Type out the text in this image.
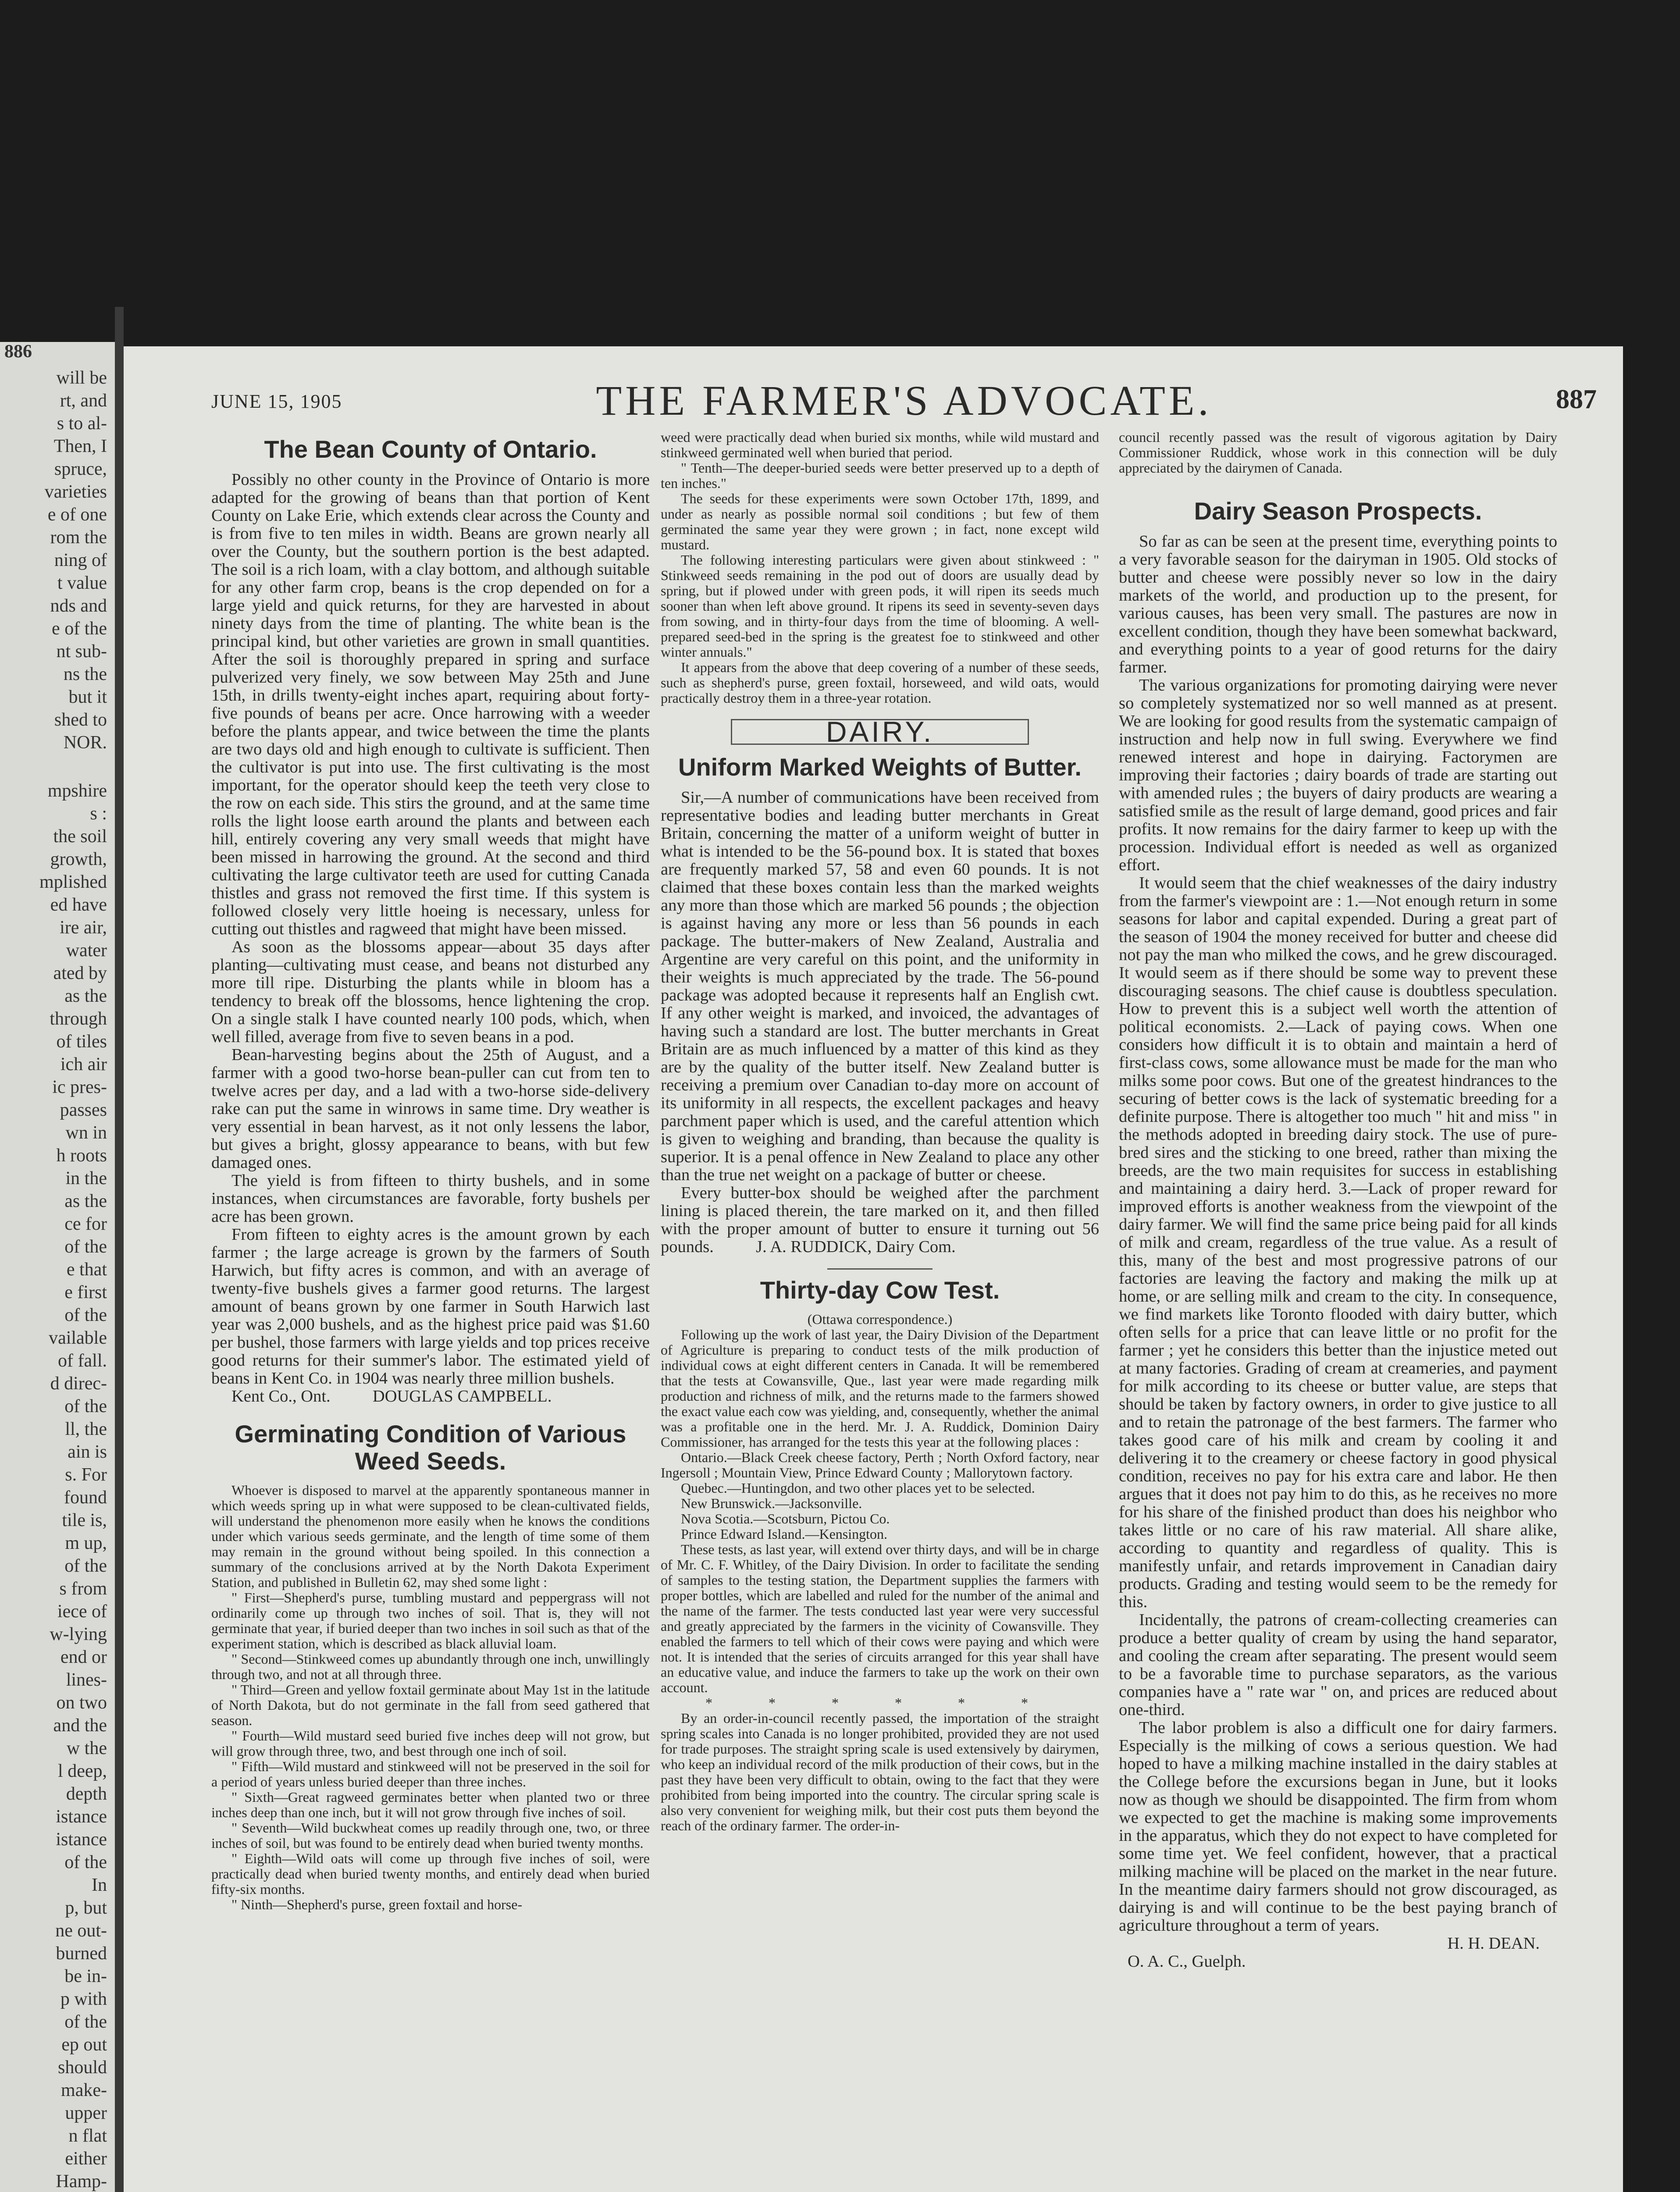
886
will be
rt, and
s to al-
Then, I
spruce,
varieties
e of one
rom the
ning of
t value
nds and
e of the
nt sub-
ns the
but it
shed to
NOR.
mpshire
s :
the soil
growth,
mplished
ed have
ire air,
water
ated by
as the
through
of tiles
ich air
ic pres-
passes
wn in
h roots
in the
as the
ce for
of the
e that
e first
of the
vailable
of fall.
d direc-
of the
ll, the
ain is
s. For
found
tile is,
m up,
of the
s from
iece of
w-lying
end or
lines-
on two
and the
w the
l deep,
depth
istance
istance
of the
In
p, but
ne out-
burned
be in-
p with
of the
ep out
should
make-
upper
n flat
either
Hamp-
JUNE 15, 1905	THE FARMER'S ADVOCATE.	887
The Bean County of Ontario.

Possibly no other county in the Province of Ontario is more adapted for the growing of beans than that portion of Kent County on Lake Erie, which extends clear across the County and is from five to ten miles in width. Beans are grown nearly all over the County, but the southern portion is the best adapted. The soil is a rich loam, with a clay bottom, and although suitable for any other farm crop, beans is the crop depended on for a large yield and quick returns, for they are harvested in about ninety days from the time of planting. The white bean is the principal kind, but other varieties are grown in small quantities. After the soil is thoroughly prepared in spring and surface pulverized very finely, we sow between May 25th and June 15th, in drills twenty-eight inches apart, requiring about forty-five pounds of beans per acre. Once harrowing with a weeder before the plants appear, and twice between the time the plants are two days old and high enough to cultivate is sufficient. Then the cultivator is put into use. The first cultivating is the most important, for the operator should keep the teeth very close to the row on each side. This stirs the ground, and at the same time rolls the light loose earth around the plants and between each hill, entirely covering any very small weeds that might have been missed in harrowing the ground. At the second and third cultivating the large cultivator teeth are used for cutting Canada thistles and grass not removed the first time. If this system is followed closely very little hoeing is necessary, unless for cutting out thistles and ragweed that might have been missed.

As soon as the blossoms appear—about 35 days after planting—cultivating must cease, and beans not disturbed any more till ripe. Disturbing the plants while in bloom has a tendency to break off the blossoms, hence lightening the crop. On a single stalk I have counted nearly 100 pods, which, when well filled, average from five to seven beans in a pod.

Bean-harvesting begins about the 25th of August, and a farmer with a good two-horse bean-puller can cut from ten to twelve acres per day, and a lad with a two-horse side-delivery rake can put the same in winrows in same time. Dry weather is very essential in bean harvest, as it not only lessens the labor, but gives a bright, glossy appearance to beans, with but few damaged ones.

The yield is from fifteen to thirty bushels, and in some instances, when circumstances are favorable, forty bushels per acre has been grown.

From fifteen to eighty acres is the amount grown by each farmer ; the large acreage is grown by the farmers of South Harwich, but fifty acres is common, and with an average of twenty-five bushels gives a farmer good returns. The largest amount of beans grown by one farmer in South Harwich last year was 2,000 bushels, and as the highest price paid was $1.60 per bushel, those farmers with large yields and top prices receive good returns for their summer's labor. The estimated yield of beans in Kent Co. in 1904 was nearly three million bushels.

Kent Co., Ont.          DOUGLAS CAMPBELL.

Germinating Condition of Various Weed Seeds.

Whoever is disposed to marvel at the apparently spontaneous manner in which weeds spring up in what were supposed to be clean-cultivated fields, will understand the phenomenon more easily when he knows the conditions under which various seeds germinate, and the length of time some of them may remain in the ground without being spoiled. In this connection a summary of the conclusions arrived at by the North Dakota Experiment Station, and published in Bulletin 62, may shed some light :

" First—Shepherd's purse, tumbling mustard and peppergrass will not ordinarily come up through two inches of soil. That is, they will not germinate that year, if buried deeper than two inches in soil such as that of the experiment station, which is described as black alluvial loam.

" Second—Stinkweed comes up abundantly through one inch, unwillingly through two, and not at all through three.

" Third—Green and yellow foxtail germinate about May 1st in the latitude of North Dakota, but do not germinate in the fall from seed gathered that season.

" Fourth—Wild mustard seed buried five inches deep will not grow, but will grow through three, two, and best through one inch of soil.

" Fifth—Wild mustard and stinkweed will not be preserved in the soil for a period of years unless buried deeper than three inches.

" Sixth—Great ragweed germinates better when planted two or three inches deep than one inch, but it will not grow through five inches of soil.

" Seventh—Wild buckwheat comes up readily through one, two, or three inches of soil, but was found to be entirely dead when buried twenty months.

" Eighth—Wild oats will come up through five inches of soil, were practically dead when buried twenty months, and entirely dead when buried fifty-six months.

" Ninth—Shepherd's purse, green foxtail and horse-

weed were practically dead when buried six months, while wild mustard and stinkweed germinated well when buried that period.

" Tenth—The deeper-buried seeds were better preserved up to a depth of ten inches."

The seeds for these experiments were sown October 17th, 1899, and under as nearly as possible normal soil conditions ; but few of them germinated the same year they were grown ; in fact, none except wild mustard.

The following interesting particulars were given about stinkweed : " Stinkweed seeds remaining in the pod out of doors are usually dead by spring, but if plowed under with green pods, it will ripen its seeds much sooner than when left above ground. It ripens its seed in seventy-seven days from sowing, and in thirty-four days from the time of blooming. A well-prepared seed-bed in the spring is the greatest foe to stinkweed and other winter annuals."

It appears from the above that deep covering of a number of these seeds, such as shepherd's purse, green foxtail, horseweed, and wild oats, would practically destroy them in a three-year rotation.

DAIRY.
Uniform Marked Weights of Butter.

Sir,—A number of communications have been received from representative bodies and leading butter merchants in Great Britain, concerning the matter of a uniform weight of butter in what is intended to be the 56-pound box. It is stated that boxes are frequently marked 57, 58 and even 60 pounds. It is not claimed that these boxes contain less than the marked weights any more than those which are marked 56 pounds ; the objection is against having any more or less than 56 pounds in each package. The butter-makers of New Zealand, Australia and Argentine are very careful on this point, and the uniformity in their weights is much appreciated by the trade. The 56-pound package was adopted because it represents half an English cwt. If any other weight is marked, and invoiced, the advantages of having such a standard are lost. The butter merchants in Great Britain are as much influenced by a matter of this kind as they are by the quality of the butter itself. New Zealand butter is receiving a premium over Canadian to-day more on account of its uniformity in all respects, the excellent packages and heavy parchment paper which is used, and the careful attention which is given to weighing and branding, than because the quality is superior. It is a penal offence in New Zealand to place any other than the true net weight on a package of butter or cheese.

Every butter-box should be weighed after the parchment lining is placed therein, the tare marked on it, and then filled with the proper amount of butter to ensure it turning out 56 pounds.          J. A. RUDDICK, Dairy Com.

Thirty-day Cow Test.

(Ottawa correspondence.)

Following up the work of last year, the Dairy Division of the Department of Agriculture is preparing to conduct tests of the milk production of individual cows at eight different centers in Canada. It will be remembered that the tests at Cowansville, Que., last year were made regarding milk production and richness of milk, and the returns made to the farmers showed the exact value each cow was yielding, and, consequently, whether the animal was a profitable one in the herd. Mr. J. A. Ruddick, Dominion Dairy Commissioner, has arranged for the tests this year at the following places :

Ontario.—Black Creek cheese factory, Perth ; North Oxford factory, near Ingersoll ; Mountain View, Prince Edward County ; Mallorytown factory.

Quebec.—Huntingdon, and two other places yet to be selected.

New Brunswick.—Jacksonville.

Nova Scotia.—Scotsburn, Pictou Co.

Prince Edward Island.—Kensington.

These tests, as last year, will extend over thirty days, and will be in charge of Mr. C. F. Whitley, of the Dairy Division. In order to facilitate the sending of samples to the testing station, the Department supplies the farmers with proper bottles, which are labelled and ruled for the number of the animal and the name of the farmer. The tests conducted last year were very successful and greatly appreciated by the farmers in the vicinity of Cowansville. They enabled the farmers to tell which of their cows were paying and which were not. It is intended that the series of circuits arranged for this year shall have an educative value, and induce the farmers to take up the work on their own account.

* * * * * *

By an order-in-council recently passed, the importation of the straight spring scales into Canada is no longer prohibited, provided they are not used for trade purposes. The straight spring scale is used extensively by dairymen, who keep an individual record of the milk production of their cows, but in the past they have been very difficult to obtain, owing to the fact that they were prohibited from being imported into the country. The circular spring scale is also very convenient for weighing milk, but their cost puts them beyond the reach of the ordinary farmer. The order-in-

council recently passed was the result of vigorous agitation by Dairy Commissioner Ruddick, whose work in this connection will be duly appreciated by the dairymen of Canada.

Dairy Season Prospects.

So far as can be seen at the present time, everything points to a very favorable season for the dairyman in 1905. Old stocks of butter and cheese were possibly never so low in the dairy markets of the world, and production up to the present, for various causes, has been very small. The pastures are now in excellent condition, though they have been somewhat backward, and everything points to a year of good returns for the dairy farmer.

The various organizations for promoting dairying were never so completely systematized nor so well manned as at present. We are looking for good results from the systematic campaign of instruction and help now in full swing. Everywhere we find renewed interest and hope in dairying. Factorymen are improving their factories ; dairy boards of trade are starting out with amended rules ; the buyers of dairy products are wearing a satisfied smile as the result of large demand, good prices and fair profits. It now remains for the dairy farmer to keep up with the procession. Individual effort is needed as well as organized effort.

It would seem that the chief weaknesses of the dairy industry from the farmer's viewpoint are : 1.—Not enough return in some seasons for labor and capital expended. During a great part of the season of 1904 the money received for butter and cheese did not pay the man who milked the cows, and he grew discouraged. It would seem as if there should be some way to prevent these discouraging seasons. The chief cause is doubtless speculation. How to prevent this is a subject well worth the attention of political economists. 2.—Lack of paying cows. When one considers how difficult it is to obtain and maintain a herd of first-class cows, some allowance must be made for the man who milks some poor cows. But one of the greatest hindrances to the securing of better cows is the lack of systematic breeding for a definite purpose. There is altogether too much " hit and miss " in the methods adopted in breeding dairy stock. The use of pure-bred sires and the sticking to one breed, rather than mixing the breeds, are the two main requisites for success in establishing and maintaining a dairy herd. 3.—Lack of proper reward for improved efforts is another weakness from the viewpoint of the dairy farmer. We will find the same price being paid for all kinds of milk and cream, regardless of the true value. As a result of this, many of the best and most progressive patrons of our factories are leaving the factory and making the milk up at home, or are selling milk and cream to the city. In consequence, we find markets like Toronto flooded with dairy butter, which often sells for a price that can leave little or no profit for the farmer ; yet he considers this better than the injustice meted out at many factories. Grading of cream at creameries, and payment for milk according to its cheese or butter value, are steps that should be taken by factory owners, in order to give justice to all and to retain the patronage of the best farmers. The farmer who takes good care of his milk and cream by cooling it and delivering it to the creamery or cheese factory in good physical condition, receives no pay for his extra care and labor. He then argues that it does not pay him to do this, as he receives no more for his share of the finished product than does his neighbor who takes little or no care of his raw material. All share alike, according to quantity and regardless of quality. This is manifestly unfair, and retards improvement in Canadian dairy products. Grading and testing would seem to be the remedy for this.

Incidentally, the patrons of cream-collecting creameries can produce a better quality of cream by using the hand separator, and cooling the cream after separating. The present would seem to be a favorable time to purchase separators, as the various companies have a " rate war " on, and prices are reduced about one-third.

The labor problem is also a difficult one for dairy farmers. Especially is the milking of cows a serious question. We had hoped to have a milking machine installed in the dairy stables at the College before the excursions began in June, but it looks now as though we should be disappointed. The firm from whom we expected to get the machine is making some improvements in the apparatus, which they do not expect to have completed for some time yet. We feel confident, however, that a practical milking machine will be placed on the market in the near future. In the meantime dairy farmers should not grow discouraged, as dairying is and will continue to be the best paying branch of agriculture throughout a term of years.

H. H. DEAN.

O. A. C., Guelph.
